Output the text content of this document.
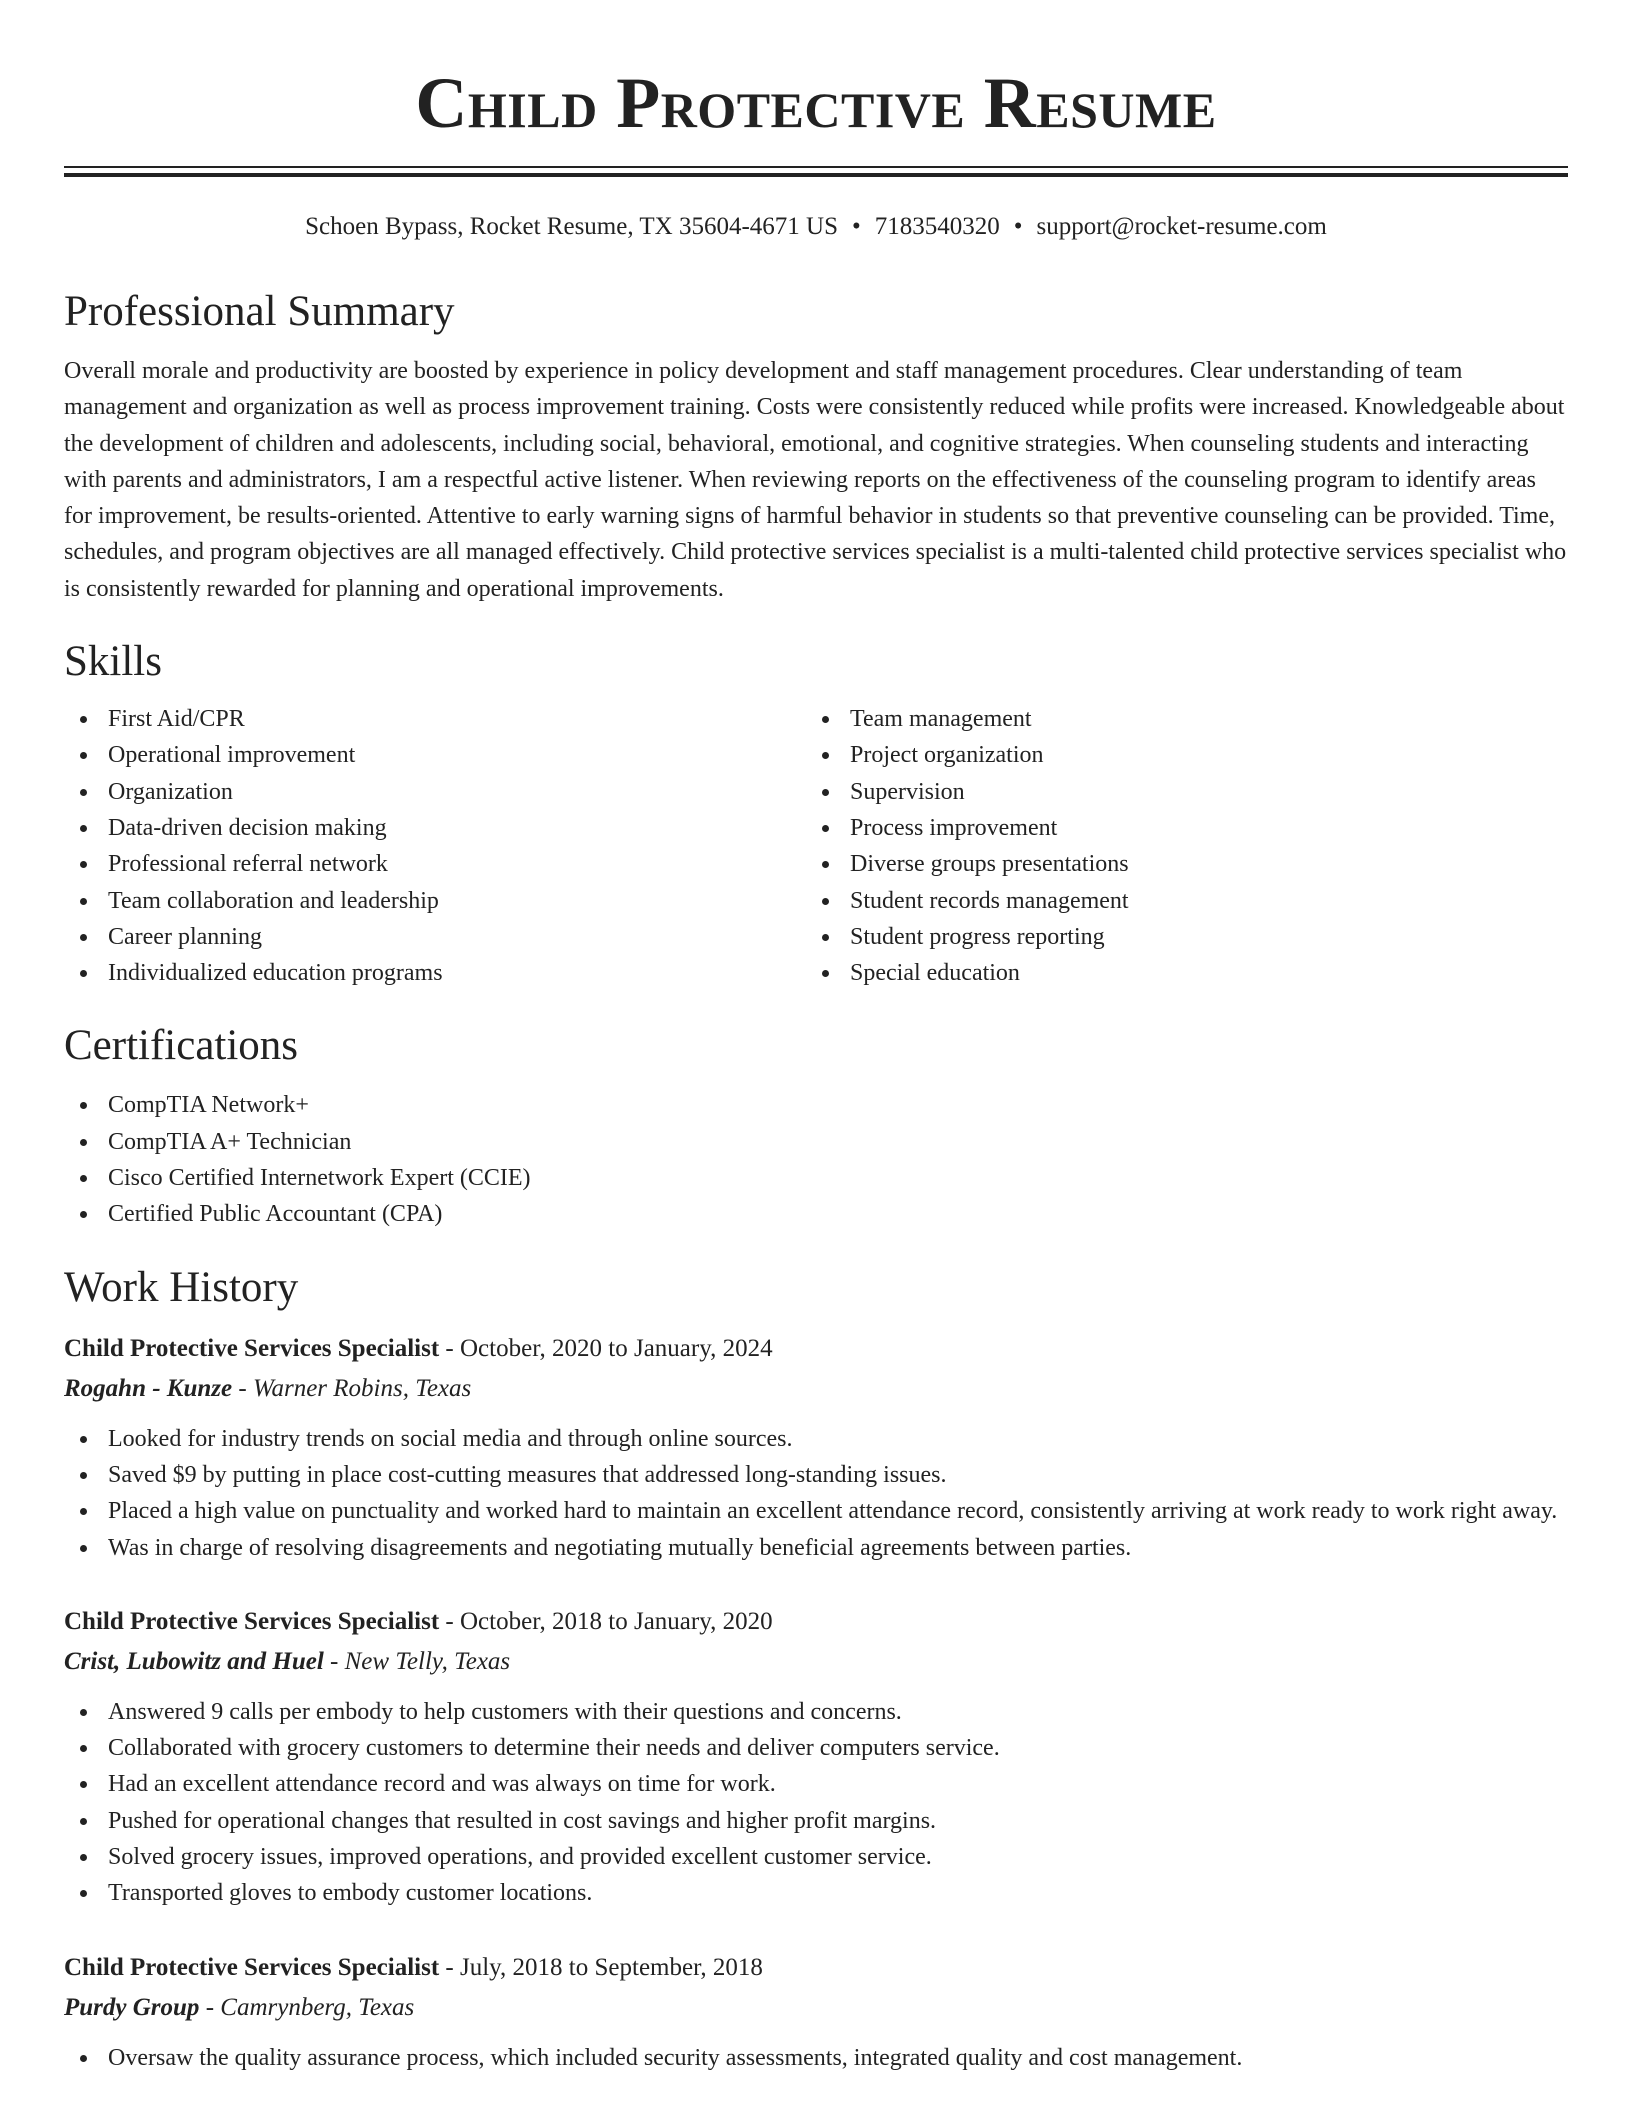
Child Protective Resume
Schoen Bypass, Rocket Resume, TX 35604-4671 US • 7183540320 • support@rocket-resume.com
Professional Summary

Overall morale and productivity are boosted by experience in policy development and staff management procedures. Clear understanding of team management and organization as well as process improvement training. Costs were consistently reduced while profits were increased. Knowledgeable about the development of children and adolescents, including social, behavioral, emotional, and cognitive strategies. When counseling students and interacting with parents and administrators, I am a respectful active listener. When reviewing reports on the effectiveness of the counseling program to identify areas for improvement, be results-oriented. Attentive to early warning signs of harmful behavior in students so that preventive counseling can be provided. Time, schedules, and program objectives are all managed effectively. Child protective services specialist is a multi-talented child protective services specialist who is consistently rewarded for planning and operational improvements.

Skills
First Aid/CPR
Operational improvement
Organization
Data-driven decision making
Professional referral network
Team collaboration and leadership
Career planning
Individualized education programs
Team management
Project organization
Supervision
Process improvement
Diverse groups presentations
Student records management
Student progress reporting
Special education
Certifications
CompTIA Network+
CompTIA A+ Technician
Cisco Certified Internetwork Expert (CCIE)
Certified Public Accountant (CPA)
Work History
Child Protective Services Specialist - October, 2020 to January, 2024
Rogahn - Kunze - Warner Robins, Texas
Looked for industry trends on social media and through online sources.
Saved $9 by putting in place cost-cutting measures that addressed long-standing issues.
Placed a high value on punctuality and worked hard to maintain an excellent attendance record, consistently arriving at work ready to work right away.
Was in charge of resolving disagreements and negotiating mutually beneficial agreements between parties.
Child Protective Services Specialist - October, 2018 to January, 2020
Crist, Lubowitz and Huel - New Telly, Texas
Answered 9 calls per embody to help customers with their questions and concerns.
Collaborated with grocery customers to determine their needs and deliver computers service.
Had an excellent attendance record and was always on time for work.
Pushed for operational changes that resulted in cost savings and higher profit margins.
Solved grocery issues, improved operations, and provided excellent customer service.
Transported gloves to embody customer locations.
Child Protective Services Specialist - July, 2018 to September, 2018
Purdy Group - Camrynberg, Texas
Oversaw the quality assurance process, which included security assessments, integrated quality and cost management.
